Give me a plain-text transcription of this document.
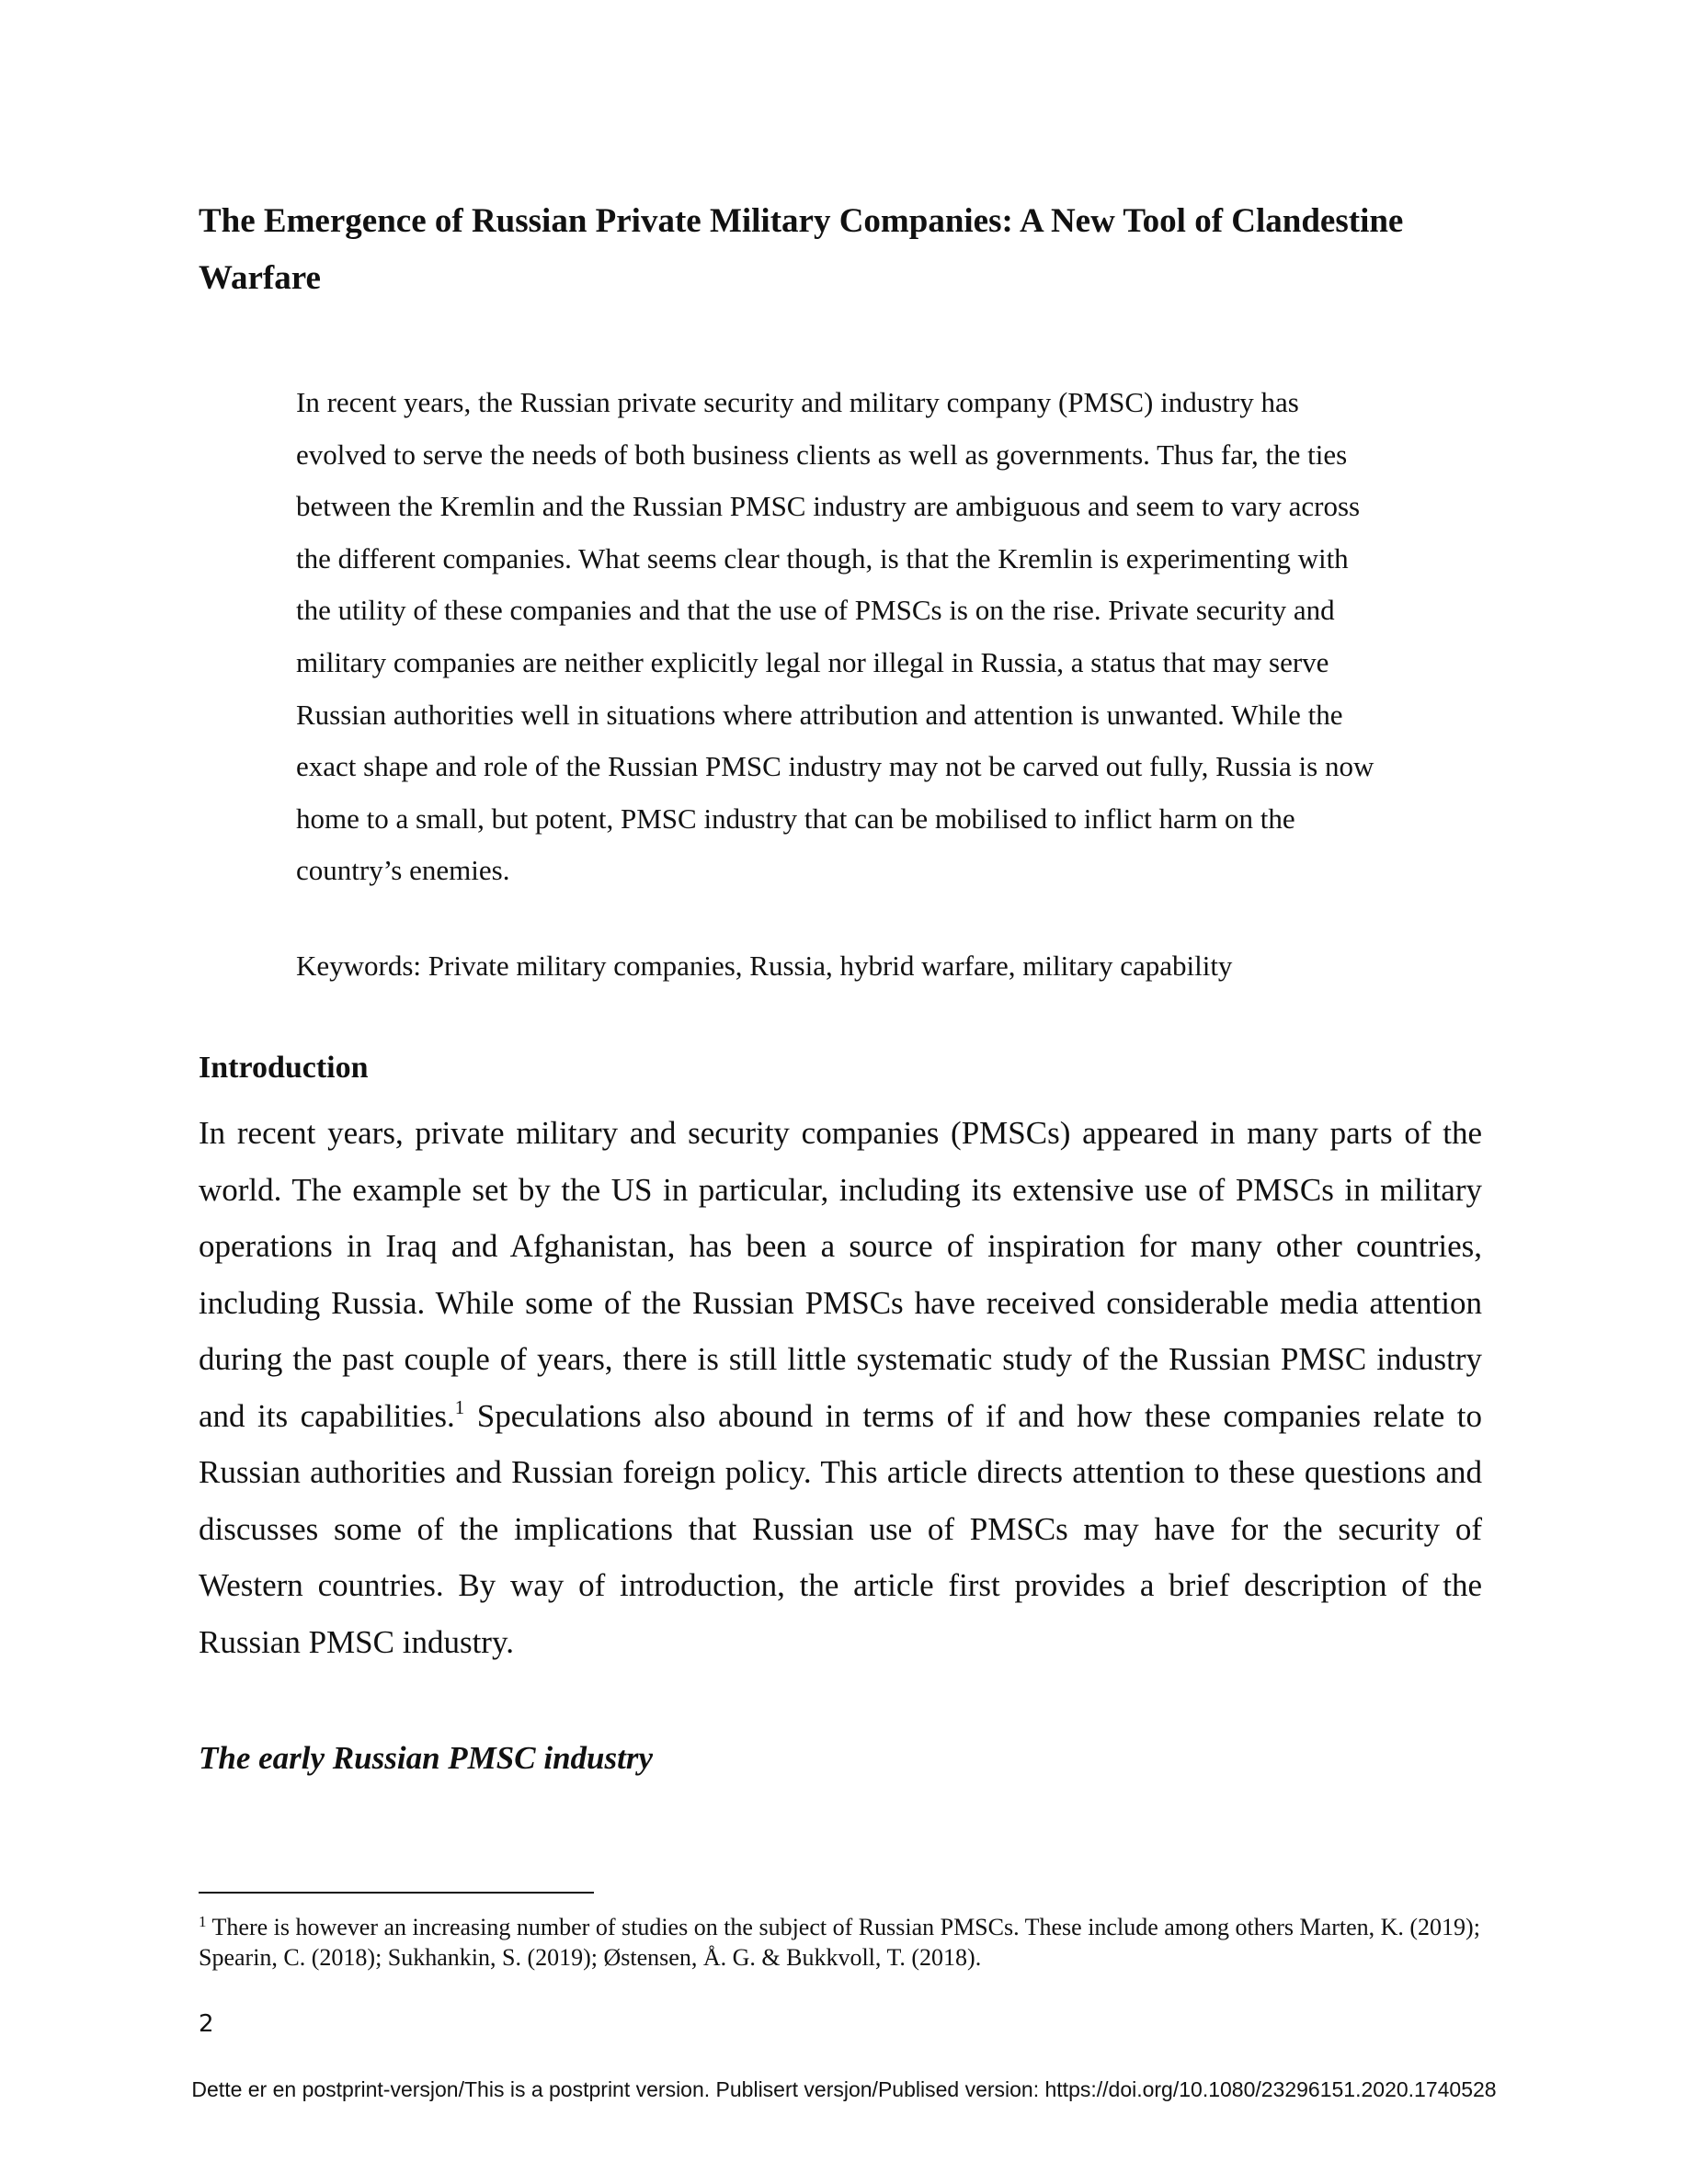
The Emergence of Russian Private Military Companies: A New Tool of Clandestine Warfare

In recent years, the Russian private security and military company (PMSC) industry has evolved to serve the needs of both business clients as well as governments. Thus far, the ties between the Kremlin and the Russian PMSC industry are ambiguous and seem to vary across the different companies. What seems clear though, is that the Kremlin is experimenting with the utility of these companies and that the use of PMSCs is on the rise. Private security and military companies are neither explicitly legal nor illegal in Russia, a status that may serve Russian authorities well in situations where attribution and attention is unwanted. While the exact shape and role of the Russian PMSC industry may not be carved out fully, Russia is now home to a small, but potent, PMSC industry that can be mobilised to inflict harm on the country’s enemies.

Keywords: Private military companies, Russia, hybrid warfare, military capability

Introduction

In recent years, private military and security companies (PMSCs) appeared in many parts of the world. The example set by the US in particular, including its extensive use of PMSCs in military operations in Iraq and Afghanistan, has been a source of inspiration for many other countries, including Russia. While some of the Russian PMSCs have received considerable media attention during the past couple of years, there is still little systematic study of the Russian PMSC industry and its capabilities.$^1$ Speculations also abound in terms of if and how these companies relate to Russian authorities and Russian foreign policy. This article directs attention to these questions and discusses some of the implications that Russian use of PMSCs may have for the security of Western countries. By way of introduction, the article first provides a brief description of the Russian PMSC industry.

The early Russian PMSC industry

$^1$ There is however an increasing number of studies on the subject of Russian PMSCs. These include among others Marten, K. (2019); Spearin, C. (2018); Sukhankin, S. (2019); Østensen, Å. G. & Bukkvoll, T. (2018).

2

Dette er en postprint-versjon/This is a postprint version. Publisert versjon/Publised version: https://doi.org/10.1080/23296151.2020.1740528
